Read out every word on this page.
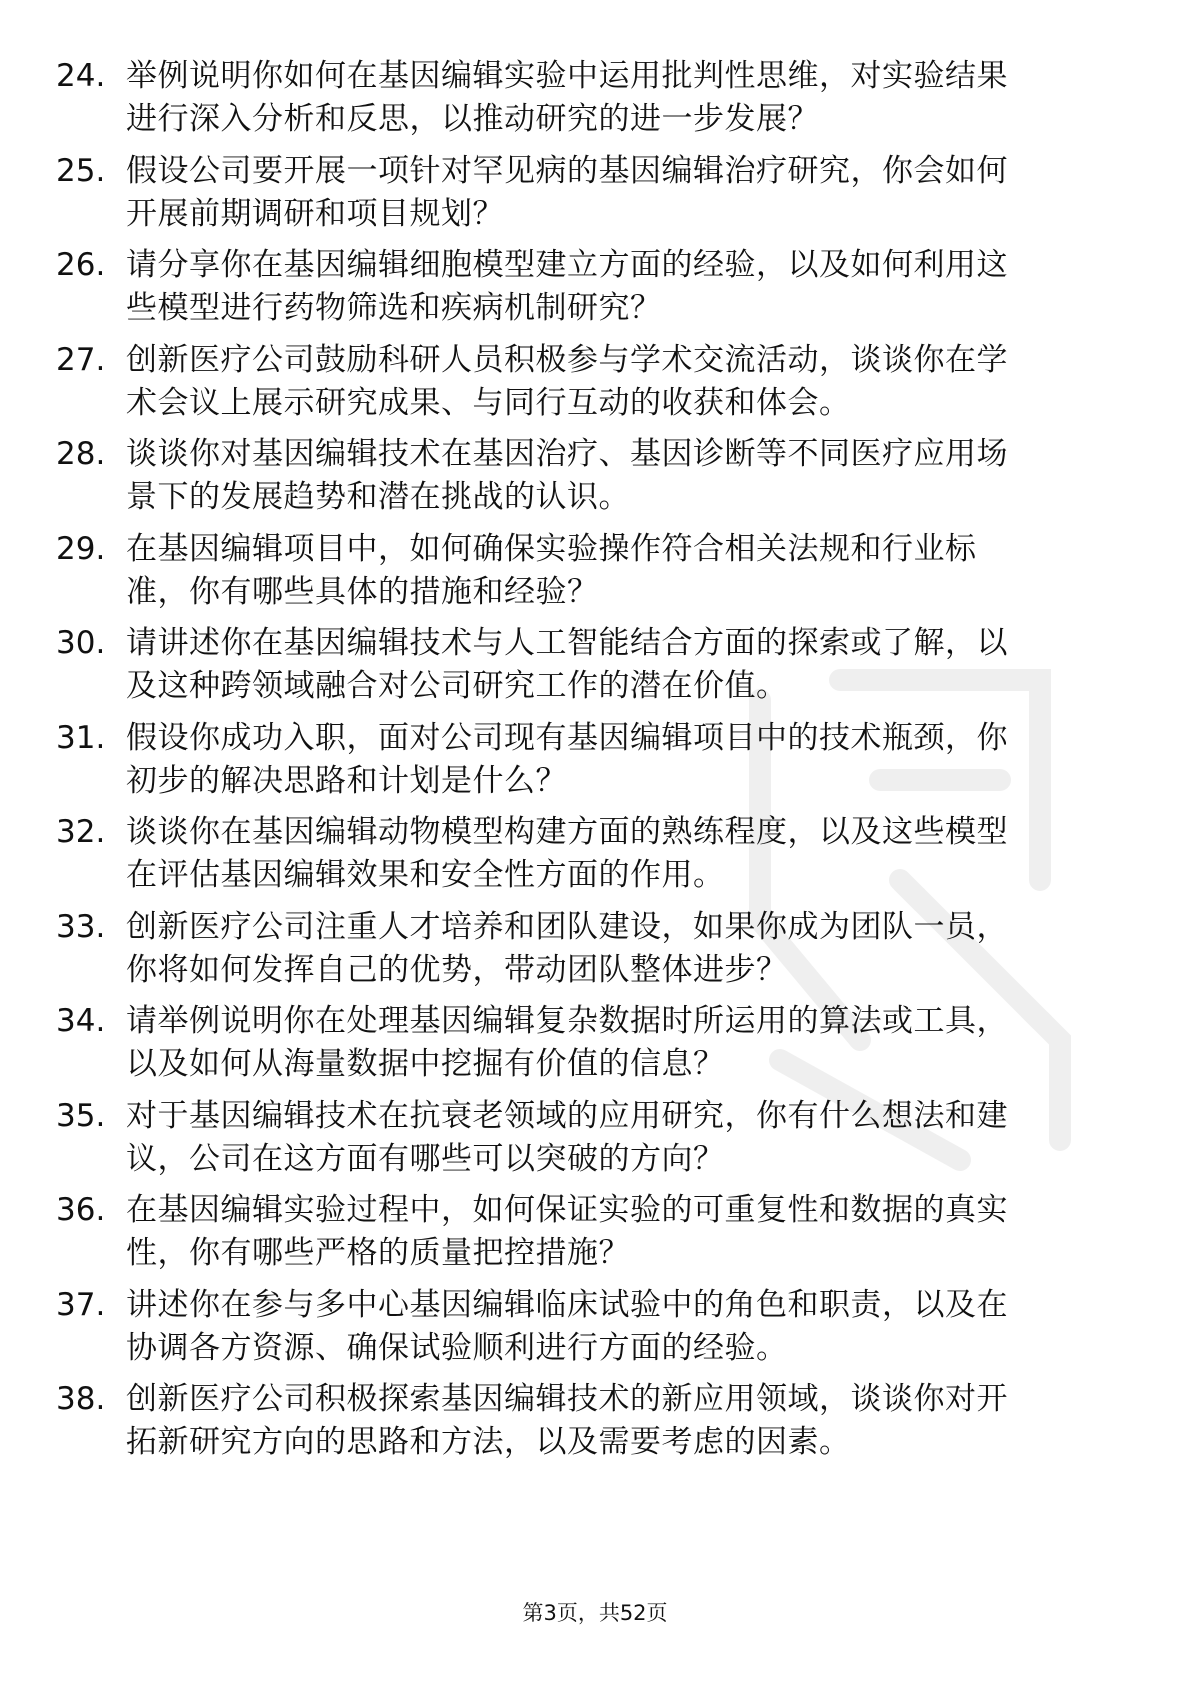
24. 举例说明你如何在基因编辑实验中运用批判性思维，对实验结果
进行深入分析和反思，以推动研究的进一步发展？
25. 假设公司要开展一项针对罕见病的基因编辑治疗研究，你会如何
开展前期调研和项目规划？
26. 请分享你在基因编辑细胞模型建立方面的经验，以及如何利用这
些模型进行药物筛选和疾病机制研究？
27. 创新医疗公司鼓励科研人员积极参与学术交流活动，谈谈你在学
术会议上展示研究成果、与同行互动的收获和体会。
28. 谈谈你对基因编辑技术在基因治疗、基因诊断等不同医疗应用场
景下的发展趋势和潜在挑战的认识。
29. 在基因编辑项目中，如何确保实验操作符合相关法规和行业标
准，你有哪些具体的措施和经验？
30. 请讲述你在基因编辑技术与人工智能结合方面的探索或了解，以
及这种跨领域融合对公司研究工作的潜在价值。
31. 假设你成功入职，面对公司现有基因编辑项目中的技术瓶颈，你
初步的解决思路和计划是什么？
32. 谈谈你在基因编辑动物模型构建方面的熟练程度，以及这些模型
在评估基因编辑效果和安全性方面的作用。
33. 创新医疗公司注重人才培养和团队建设，如果你成为团队一员，
你将如何发挥自己的优势，带动团队整体进步？
34. 请举例说明你在处理基因编辑复杂数据时所运用的算法或工具，
以及如何从海量数据中挖掘有价值的信息？
35. 对于基因编辑技术在抗衰老领域的应用研究，你有什么想法和建
议，公司在这方面有哪些可以突破的方向？
36. 在基因编辑实验过程中，如何保证实验的可重复性和数据的真实
性，你有哪些严格的质量把控措施？
37. 讲述你在参与多中心基因编辑临床试验中的角色和职责，以及在
协调各方资源、确保试验顺利进行方面的经验。
38. 创新医疗公司积极探索基因编辑技术的新应用领域，谈谈你对开
拓新研究方向的思路和方法，以及需要考虑的因素。
第3页，共52页
